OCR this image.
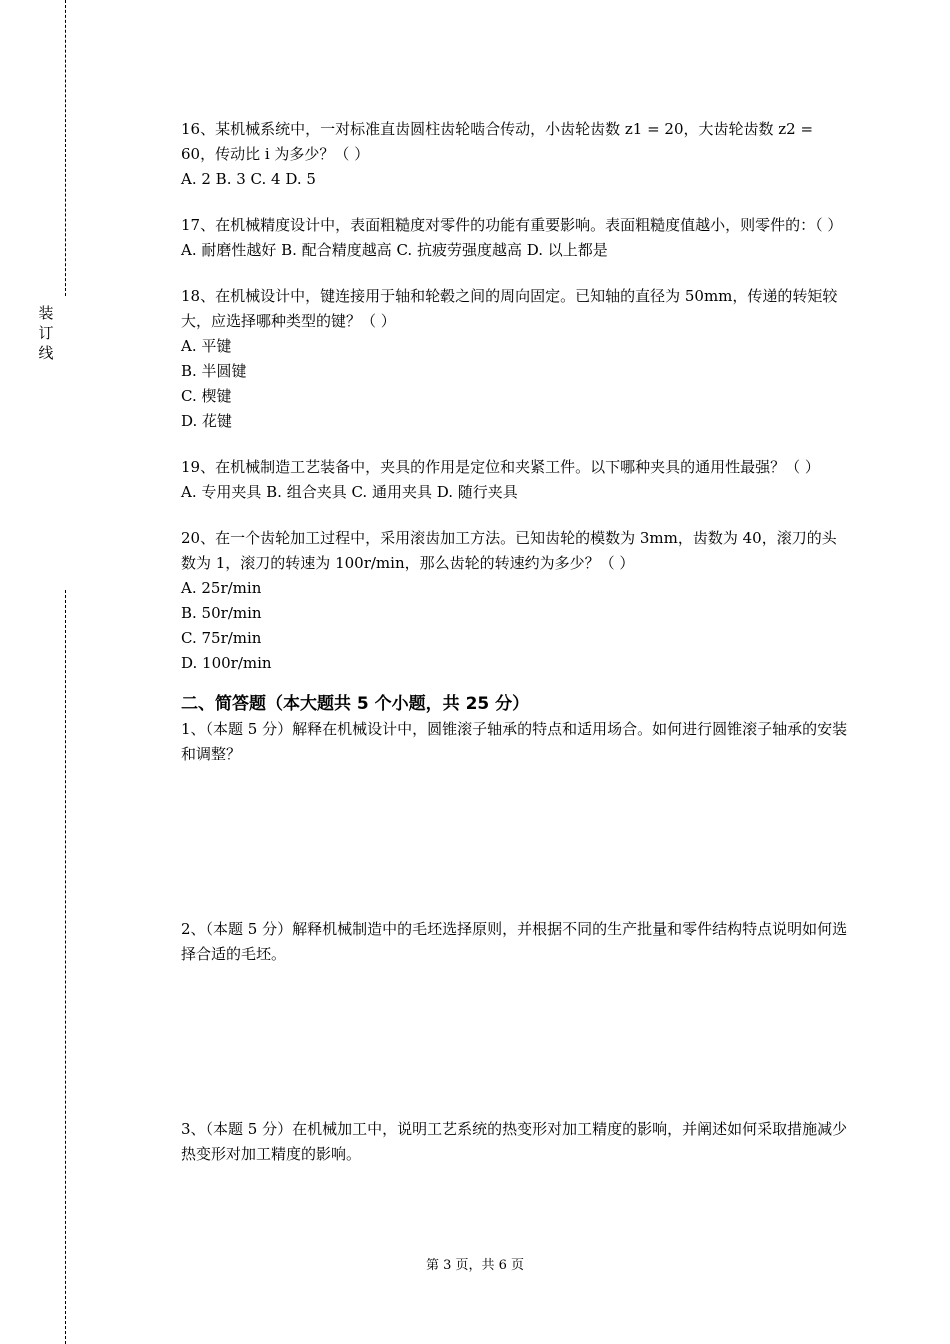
装
订
线

16、某机械系统中，一对标准直齿圆柱齿轮啮合传动，小齿轮齿数 z1 = 20，大齿轮齿数 z2 = 60，传动比 i 为多少？（ ）

A. 2 B. 3 C. 4 D. 5

17、在机械精度设计中，表面粗糙度对零件的功能有重要影响。表面粗糙度值越小，则零件的：（ ）

A. 耐磨性越好 B. 配合精度越高 C. 抗疲劳强度越高 D. 以上都是

18、在机械设计中，键连接用于轴和轮毂之间的周向固定。已知轴的直径为 50mm，传递的转矩较大，应选择哪种类型的键？（ ）

A. 平键

B. 半圆键

C. 楔键

D. 花键

19、在机械制造工艺装备中，夹具的作用是定位和夹紧工件。以下哪种夹具的通用性最强？（ ）

A. 专用夹具 B. 组合夹具 C. 通用夹具 D. 随行夹具

20、在一个齿轮加工过程中，采用滚齿加工方法。已知齿轮的模数为 3mm，齿数为 40，滚刀的头数为 1，滚刀的转速为 100r/min，那么齿轮的转速约为多少？（ ）

A. 25r/min

B. 50r/min

C. 75r/min

D. 100r/min

二、简答题（本大题共 5 个小题，共 25 分）

1、（本题 5 分）解释在机械设计中，圆锥滚子轴承的特点和适用场合。如何进行圆锥滚子轴承的安装和调整？

2、（本题 5 分）解释机械制造中的毛坯选择原则，并根据不同的生产批量和零件结构特点说明如何选择合适的毛坯。

3、（本题 5 分）在机械加工中，说明工艺系统的热变形对加工精度的影响，并阐述如何采取措施减少热变形对加工精度的影响。

第 3 页，共 6 页
